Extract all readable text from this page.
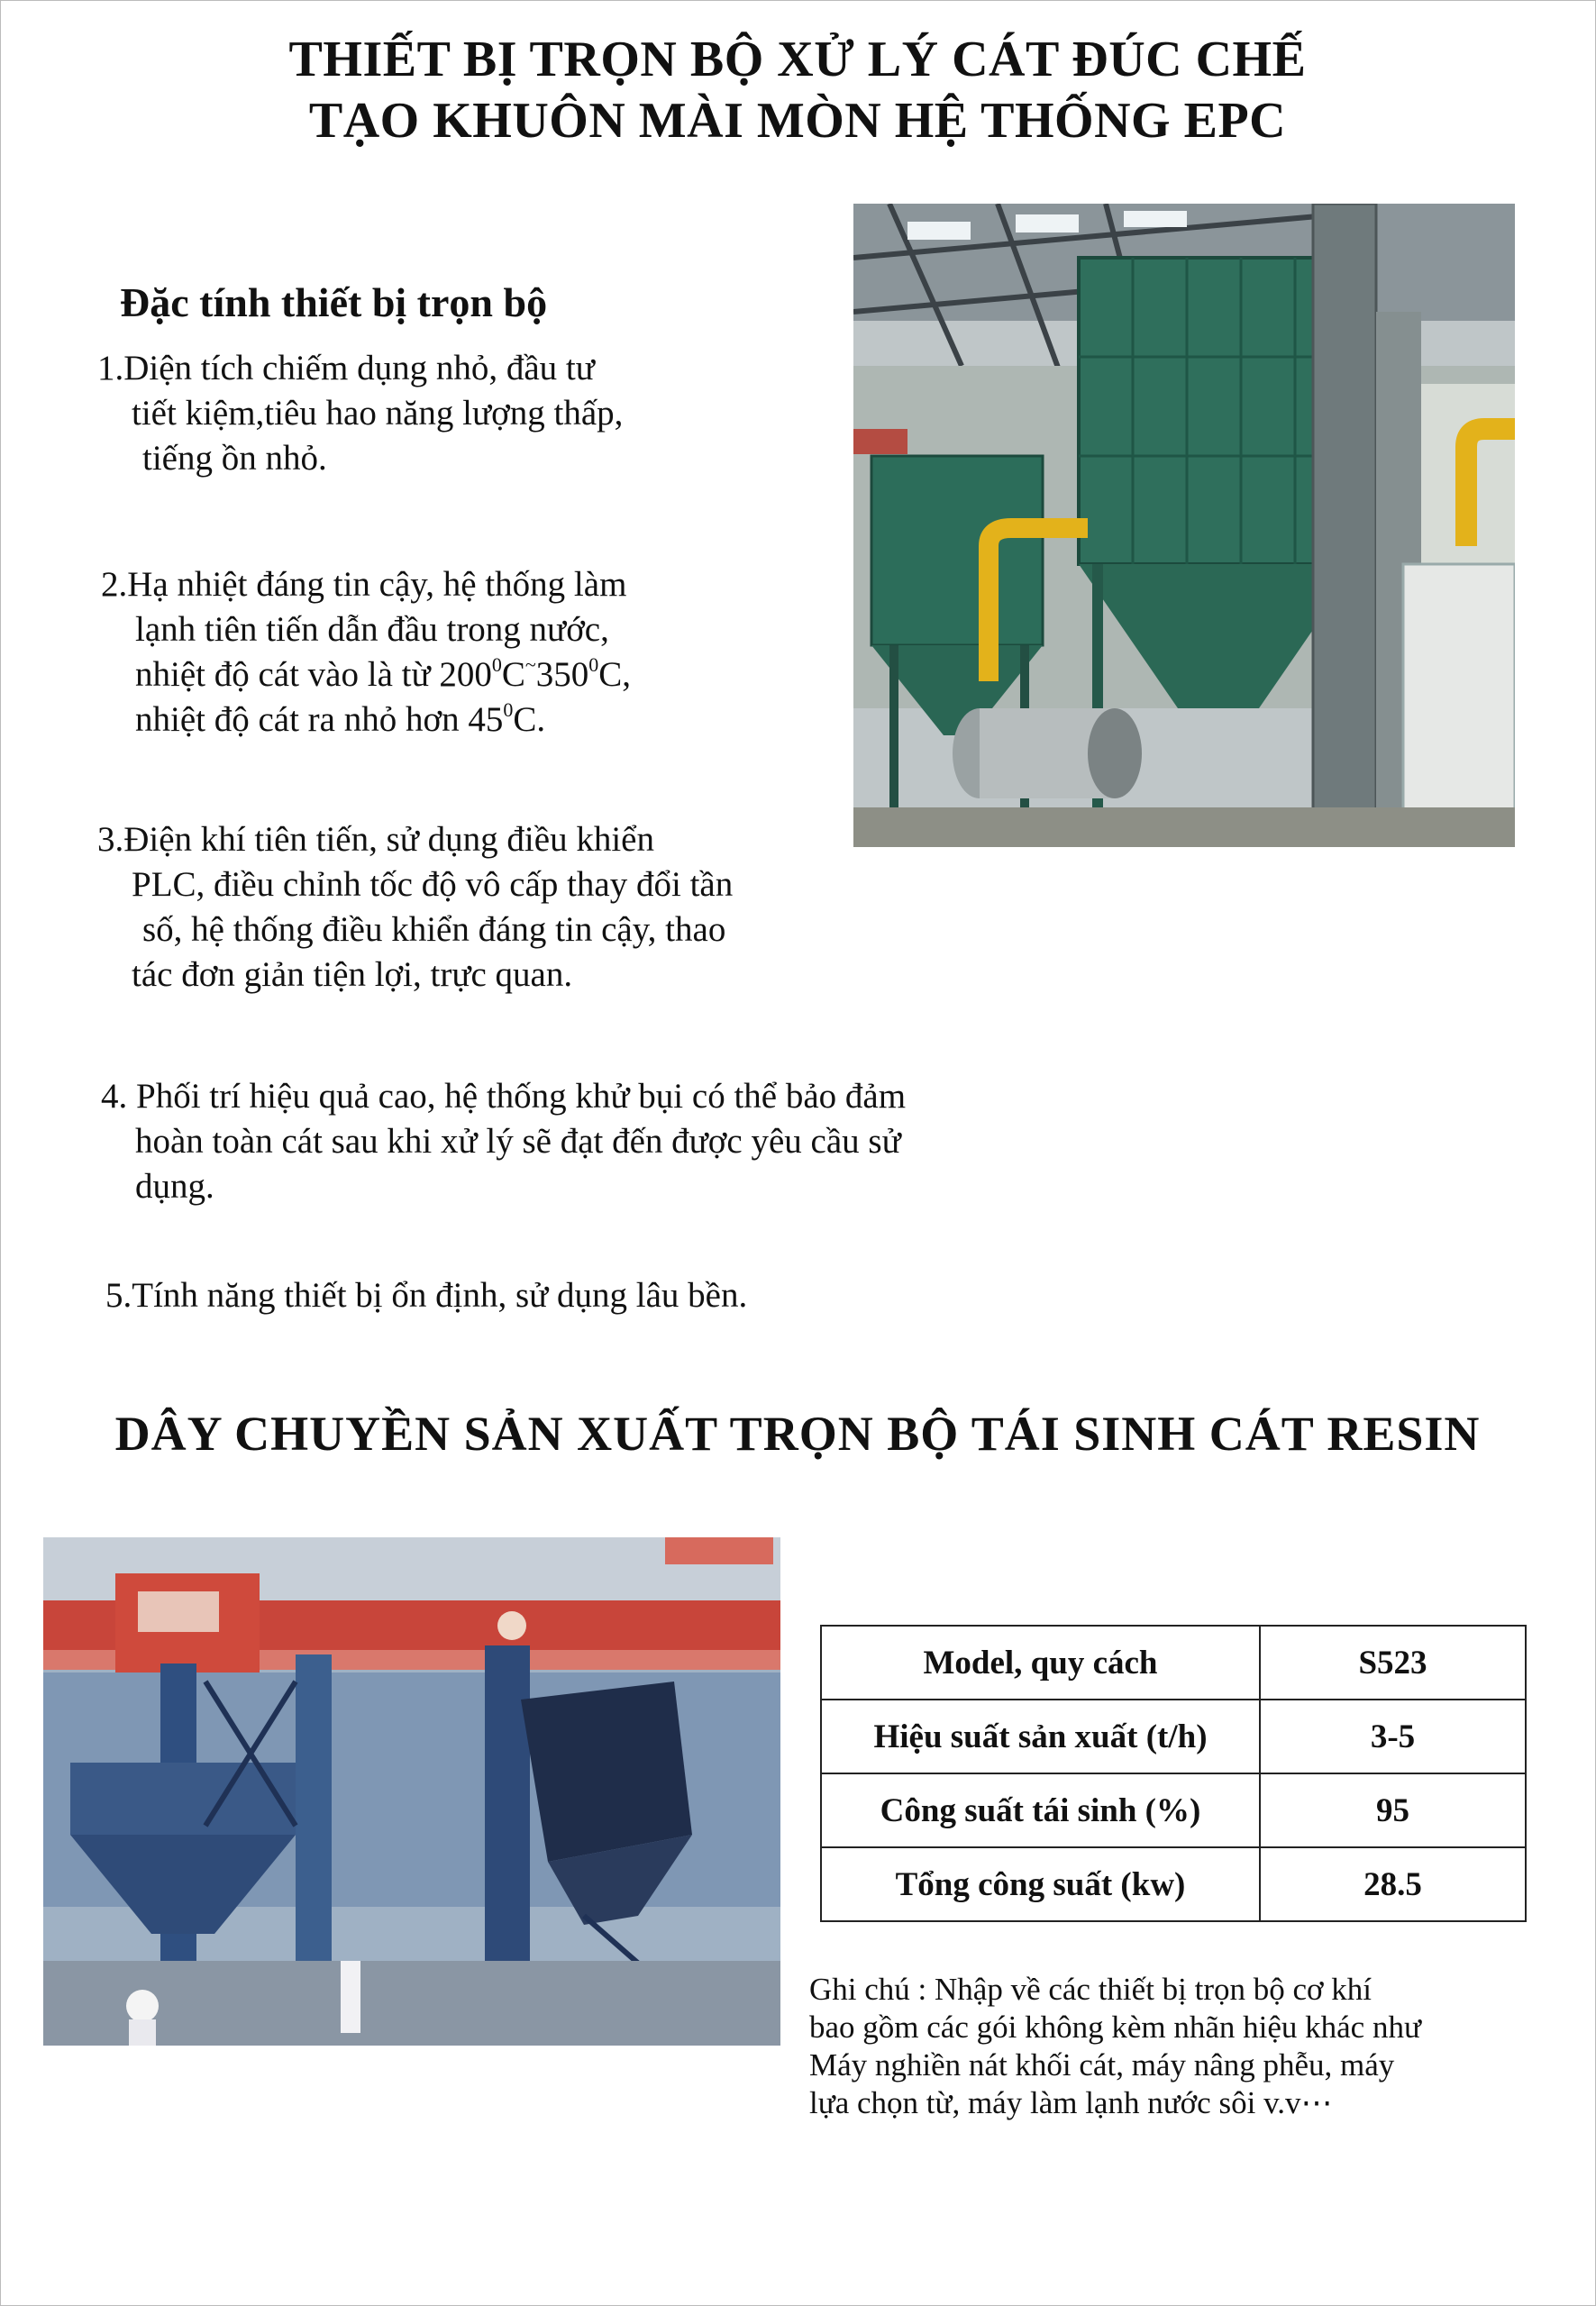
THIẾT BỊ TRỌN BỘ XỬ LÝ CÁT ĐÚC CHẾ
TẠO KHUÔN MÀI MÒN HỆ THỐNG EPC
Đặc tính thiết bị trọn bộ
1.Diện tích chiếm dụng nhỏ, đầu tư
tiết kiệm,tiêu hao năng lượng thấp,
tiếng ồn nhỏ.
2.Hạ nhiệt đáng tin cậy, hệ thống làm
lạnh tiên tiến dẫn đầu trong nước,
nhiệt độ cát vào là từ $200^0C^\sim 350^0C$,
nhiệt độ cát ra nhỏ hơn $45^0C$.
3.Điện khí tiên tiến, sử dụng điều khiển
PLC, điều chỉnh tốc độ vô cấp thay đổi tần
số, hệ thống điều khiển đáng tin cậy, thao
tác đơn giản tiện lợi, trực quan.
4. Phối trí hiệu quả cao, hệ thống khử bụi có thể bảo đảm
hoàn toàn cát sau khi xử lý sẽ đạt đến được yêu cầu sử
dụng.
5.Tính năng thiết bị ổn định, sử dụng lâu bền.
DÂY CHUYỀN SẢN XUẤT TRỌN BỘ TÁI SINH CÁT RESIN
Model, quy cách	S523
Hiệu suất sản xuất (t/h)	3-5
Công suất tái sinh (%)	95
Tổng công suất (kw)	28.5
Ghi chú : Nhập về các thiết bị trọn bộ cơ khí
bao gồm các gói không kèm nhãn hiệu khác như
Máy nghiền nát khối cát, máy nâng phễu, máy
lựa chọn từ, máy làm lạnh nước sôi v.v⋯
